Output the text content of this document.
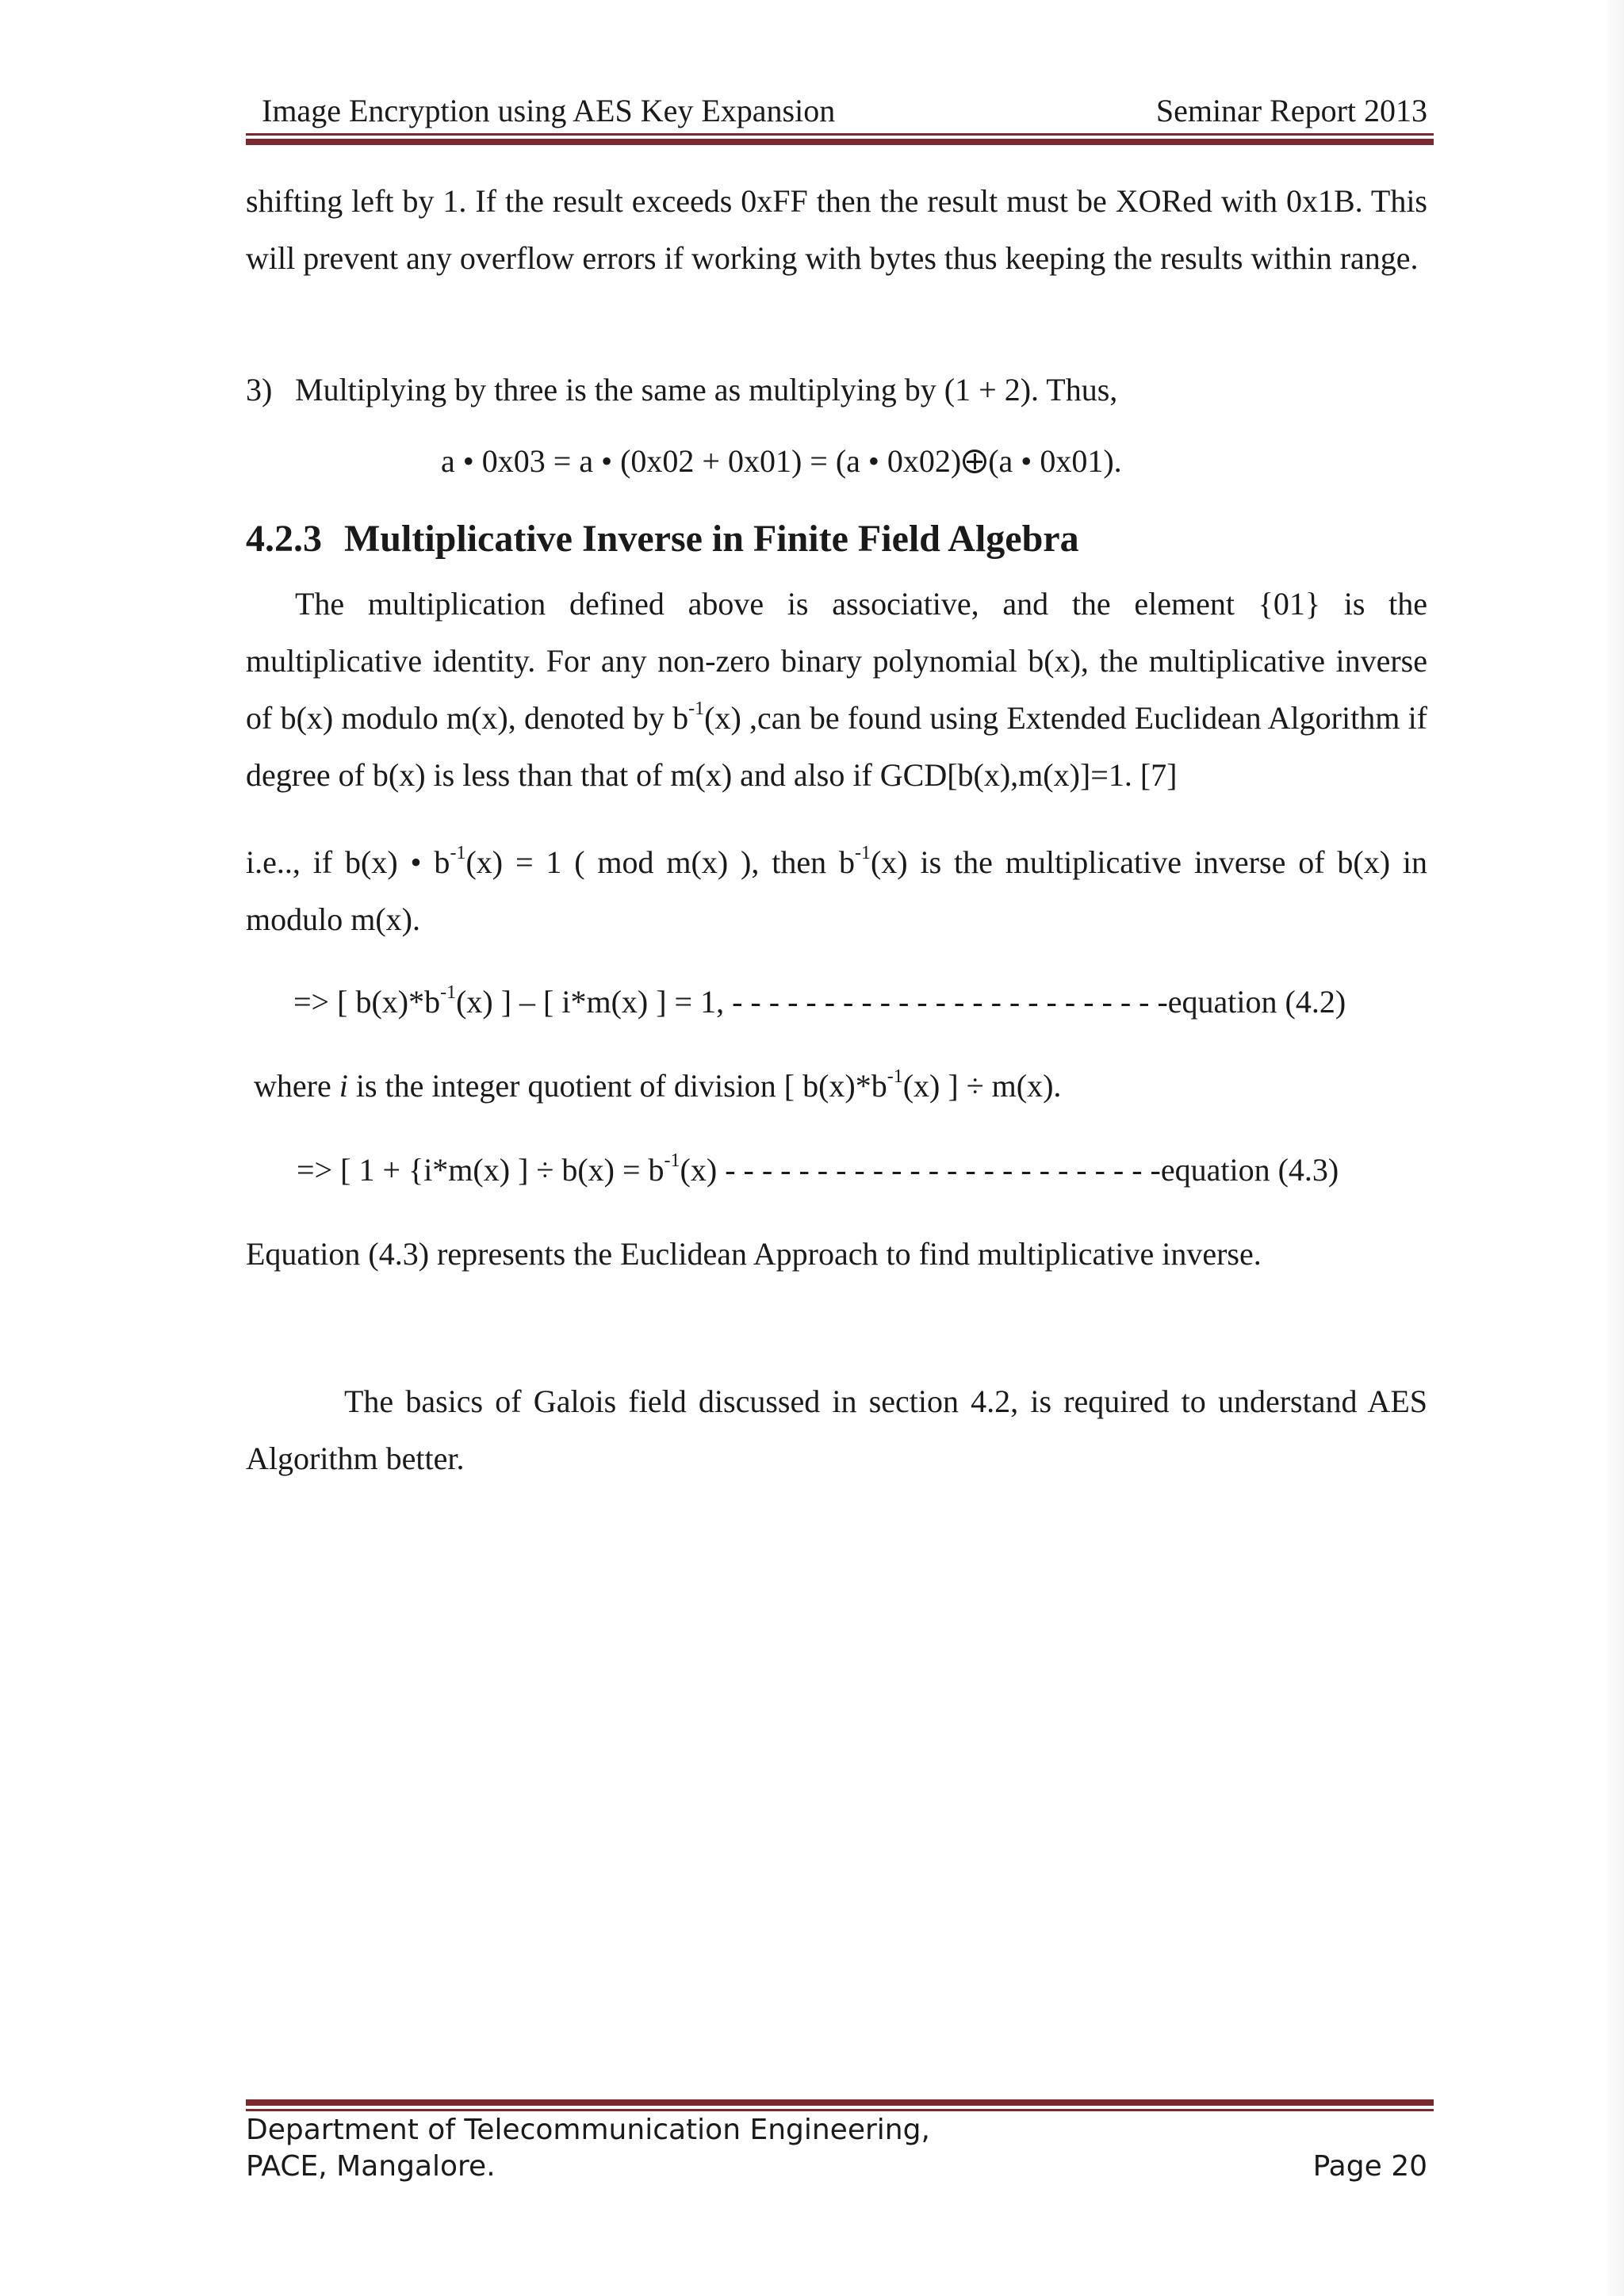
Image Encryption using AES Key Expansion	Seminar Report 2013

shifting left by 1. If the result exceeds 0xFF then the result must be XORed with 0x1B. This will prevent any overflow errors if working with bytes thus keeping the results within range.

3) Multiplying by three is the same as multiplying by (1 + 2). Thus,
a • 0x03 = a • (0x02 + 0x01) = (a • 0x02) (a • 0x01).
4.2.3 Multiplicative Inverse in Finite Field Algebra

The multiplication defined above is associative, and the element {01} is the multiplicative identity. For any non-zero binary polynomial b(x), the multiplicative inverse of b(x) modulo m(x), denoted by $b^{-1}(x)$ ,can be found using Extended Euclidean Algorithm if degree of b(x) is less than that of m(x) and also if GCD[b(x),m(x)]=1. [7]

i.e.., if b(x) • $b^{-1}(x) = 1$ ( mod m(x) ), then $b^{-1}(x)$ is the multiplicative inverse of b(x) in modulo m(x).

=> [ $b(x)*b^{-1}(x)$ ] – [ i*m(x) ] = 1, - - - - - - - - - - - - - - - - - - - - - - - -equation (4.2)
where i is the integer quotient of division [ $b(x)*b^{-1}(x)$ ] ÷ m(x).
=> [ 1 + {i*m(x) ] ÷ $b(x) = b^{-1}(x)$ - - - - - - - - - - - - - - - - - - - - - - - -equation (4.3)

Equation (4.3) represents the Euclidean Approach to find multiplicative inverse.

The basics of Galois field discussed in section 4.2, is required to understand AES Algorithm better.

Department of Telecommunication Engineering,
PACE, Mangalore.	Page 20
